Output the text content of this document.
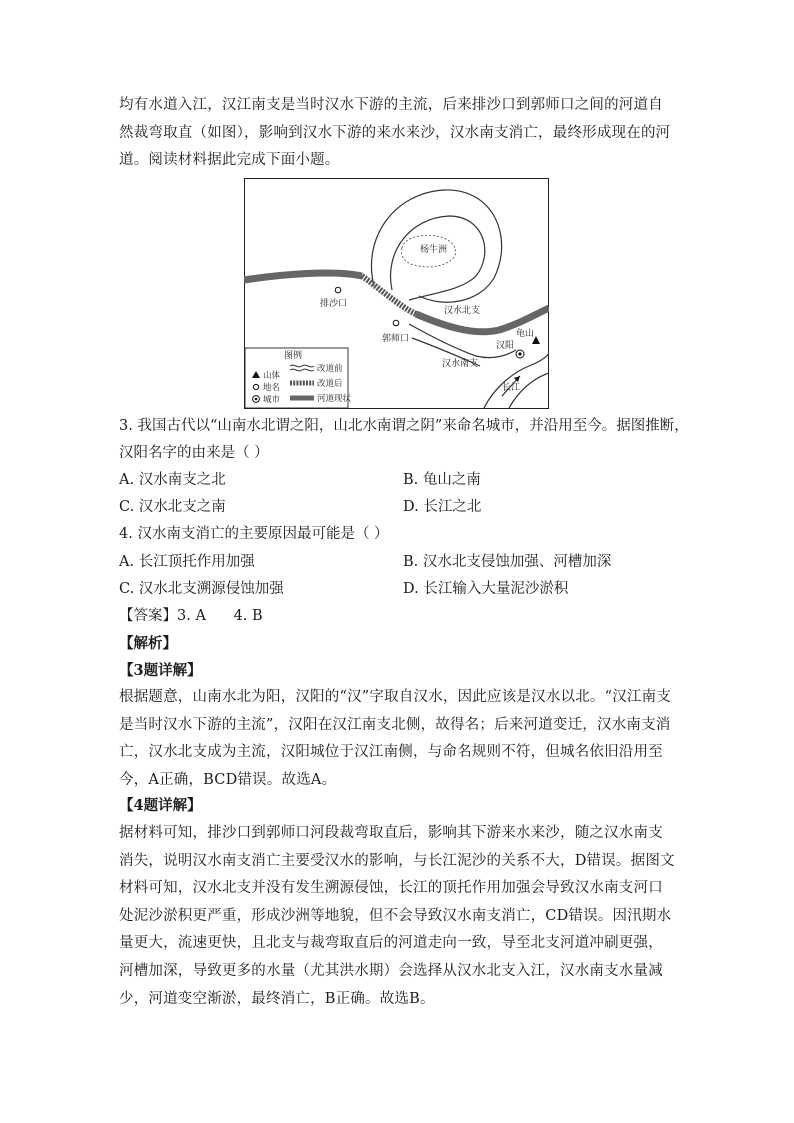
均有水道入江，汉江南支是当时汉水下游的主流，后来排沙口到郭师口之间的河道自然裁弯取直（如图），影响到汉水下游的来水来沙，汉水南支消亡，最终形成现在的河道。阅读材料据此完成下面小题。
杨牛洲
排沙口
郭师口
汉水北支
汉水南支
汉阳
龟山
长江
图例
山体
地名
城市
改道前
改道后
河道现状
3. 我国古代以“山南水北谓之阳，山北水南谓之阴”来命名城市，并沿用至今。据图推断，
汉阳名字的由来是（ ）
A. 汉水南支之北	B. 龟山之南
C. 汉水北支之南	D. 长江之北
4. 汉水南支消亡的主要原因最可能是（ ）
A. 长江顶托作用加强	B. 汉水北支侵蚀加强、河槽加深
C. 汉水北支溯源侵蚀加强	D. 长江输入大量泥沙淤积
【答案】3. A      4. B
【解析】
【3题详解】
根据题意，山南水北为阳，汉阳的“汉”字取自汉水，因此应该是汉水以北。“汉江南支是当时汉水下游的主流”，汉阳在汉江南支北侧，故得名；后来河道变迁，汉水南支消亡，汉水北支成为主流，汉阳城位于汉江南侧，与命名规则不符，但城名依旧沿用至今，A正确，BCD错误。故选A。
【4题详解】
据材料可知，排沙口到郭师口河段裁弯取直后，影响其下游来水来沙，随之汉水南支消失，说明汉水南支消亡主要受汉水的影响，与长江泥沙的关系不大，D错误。据图文材料可知，汉水北支并没有发生溯源侵蚀，长江的顶托作用加强会导致汉水南支河口处泥沙淤积更严重，形成沙洲等地貌，但不会导致汉水南支消亡，CD错误。因汛期水量更大，流速更快，且北支与裁弯取直后的河道走向一致，导至北支河道冲刷更强，河槽加深，导致更多的水量（尤其洪水期）会选择从汉水北支入江，汉水南支水量减少，河道变空渐淤，最终消亡，B正确。故选B。
